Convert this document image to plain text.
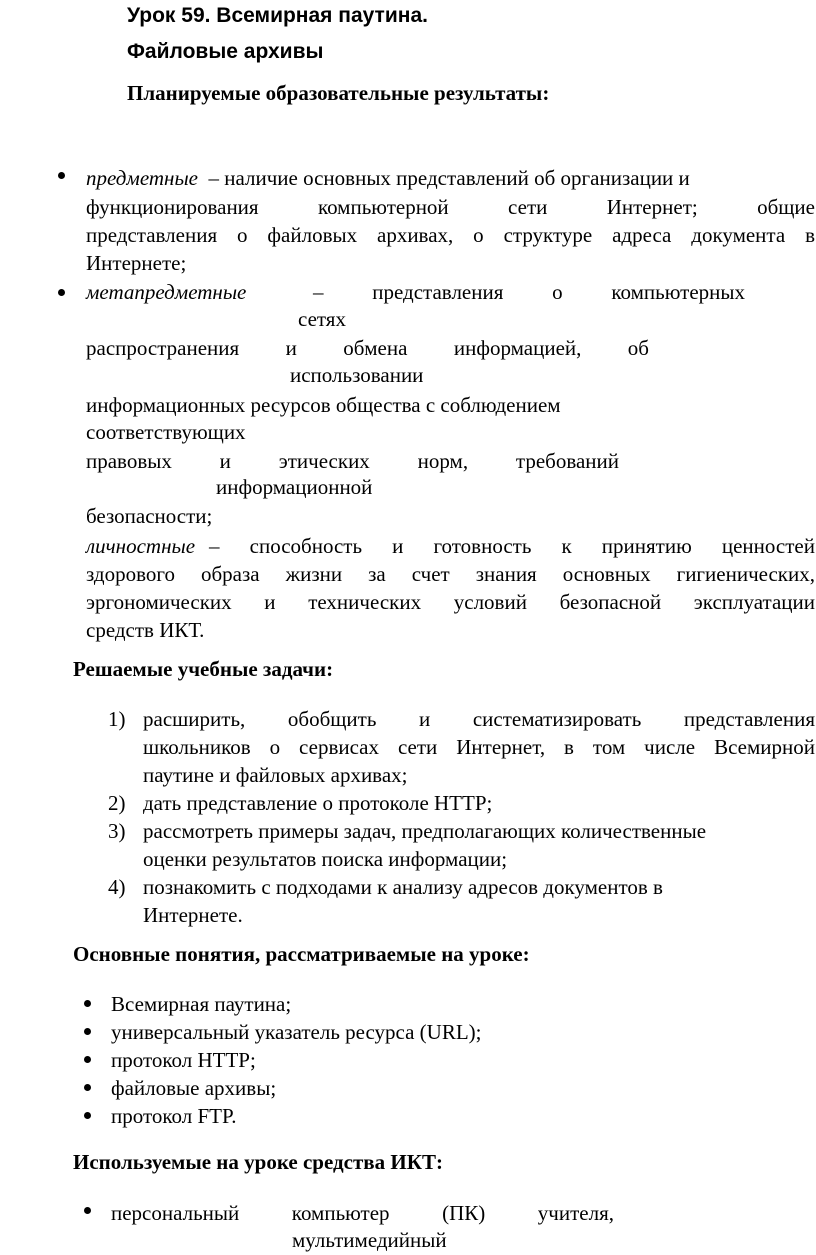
Урок 59. Всемирная паутина.
Файловые архивы
Планируемые образовательные результаты:
предметные – наличие основных представлений об организации и
функционирования компьютерной сети Интернет; общие
представления о файловых архивах, о структуре адреса документа в
Интернете;
метапредметные	– представления о компьютерных
сетях
распространения и обмена информацией, об
использовании
информационных ресурсов общества с соблюдением
соответствующих
правовых и этических норм, требований
информационной
безопасности;
личностные – способность и готовность к принятию ценностей
здорового образа жизни за счет знания основных гигиенических,
эргономических и технических условий безопасной эксплуатации
средств ИКТ.
Решаемые учебные задачи:
1) расширить, обобщить и систематизировать представления
школьников о сервисах сети Интернет, в том числе Всемирной
паутине и файловых архивах;
2) дать представление о протоколе HTTP;
3) рассмотреть примеры задач, предполагающих количественные
оценки результатов поиска информации;
4) познакомить с подходами к анализу адресов документов в
Интернете.
Основные понятия, рассматриваемые на уроке:
Всемирная паутина;
универсальный указатель ресурса (URL);
протокол HTTP;
файловые архивы;
протокол FTP.
Используемые на уроке средства ИКТ:
персональный компьютер (ПК) учителя,
мультимедийный
